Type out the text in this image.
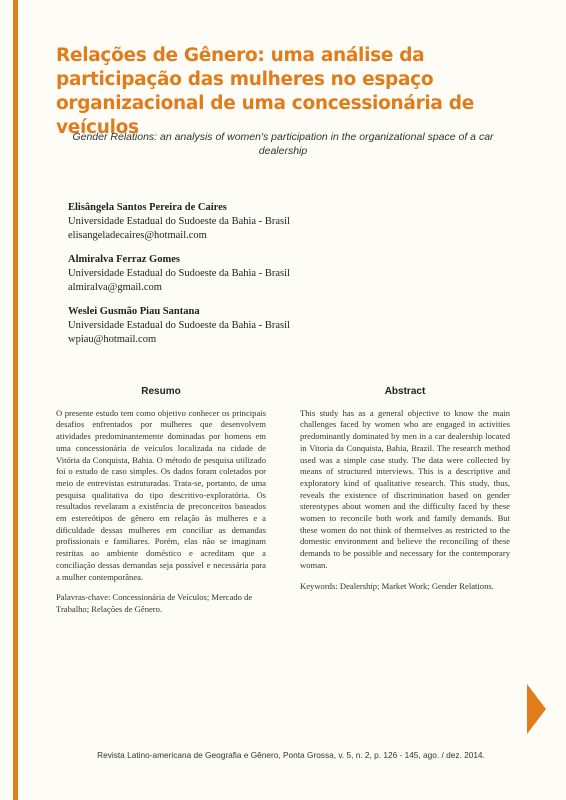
Relações de Gênero: uma análise da participação das mulheres no espaço organizacional de uma concessionária de veículos
Gender Relations: an analysis of women's participation in the organizational space of a car dealership
Elisângela Santos Pereira de Caires
Universidade Estadual do Sudoeste da Bahia - Brasil
elisangeladecaires@hotmail.com
Almiralva Ferraz Gomes
Universidade Estadual do Sudoeste da Bahia - Brasil
almiralva@gmail.com
Weslei Gusmão Piau Santana
Universidade Estadual do Sudoeste da Bahia - Brasil
wpiau@hotmail.com
Resumo

O presente estudo tem como objetivo conhecer os principais desafios enfrentados por mulheres que desenvolvem atividades predominantemente dominadas por homens em uma concessionária de veículos localizada na cidade de Vitória da Conquista, Bahia. O método de pesquisa utilizado foi o estudo de caso simples. Os dados foram coletados por meio de entrevistas estruturadas. Trata-se, portanto, de uma pesquisa qualitativa do tipo descritivo-exploratória. Os resultados revelaram a existência de preconceitos baseados em estereótipos de gênero em relação às mulheres e a dificuldade dessas mulheres em conciliar as demandas profissionais e familiares. Porém, elas não se imaginam restritas ao ambiente doméstico e acreditam que a conciliação dessas demandas seja possível e necessária para a mulher contemporânea.

Palavras-chave: Concessionária de Veículos; Mercado de Trabalho; Relações de Gênero.

Abstract

This study has as a general objective to know the main challenges faced by women who are engaged in activities predominantly dominated by men in a car dealership located in Vitoria da Conquista, Bahia, Brazil. The research method used was a simple case study. The data were collected by means of structured interviews. This is a descriptive and exploratory kind of qualitative research. This study, thus, reveals the existence of discrimination based on gender stereotypes about women and the difficulty faced by these women to reconcile both work and family demands. But these women do not think of themselves as restricted to the domestic environment and believe the reconciling of these demands to be possible and necessary for the contemporary woman.

Keywords: Dealership; Market Work; Gender Relations.

Revista Latino-americana de Geografia e Gênero, Ponta Grossa, v. 5, n. 2, p. 126 - 145, ago. / dez. 2014.
